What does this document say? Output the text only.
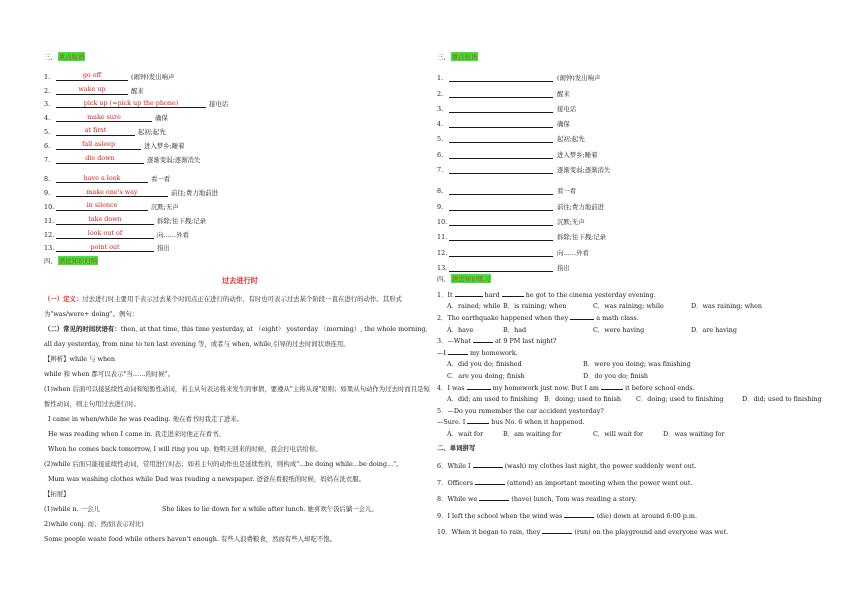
三、 重点短语
1.	go off	(闹钟)发出响声
2.	wake up	醒来
3.	pick up (=pick up the phone)	接电话
4.	make sure	确保
5.	at first	起初;起先
6.	fall asleep	进入梦乡;睡着
7.	die down	逐渐变弱;逐渐消失
8.	have a look	看一看
9.	make one's way	前往;费力地前进
10.	in silence	沉默;无声
11.	take down	拆除;往下拽;记录
12.	look out of	向……外看
13.	point out	指出
四、 语法知识归纳
过去进行时
（一）定义：过去进行时主要用于表示过去某个时间点正在进行的动作，有时也可表示过去某个阶段一直在进行的动作。其形式为"was/were+ doing"。例句：
（二）常见的时间状语有：then, at that time, this time yesterday, at （eight） yesterday （morning）, the whole morning, all day yesterday, from nine to ten last evening 等，或者与 when, while,引导的过去时间状语连用。
【辨析】while 与 when
while 和 when 都可以表示"当……的时候"。
(1)when 后面可以接延续性动词和短暂性动词，若主从句表达将来发生的事情，要遵从"主将从现"原则；如果从句动作为过去时而且是短暂性动词，则主句用过去进行时。
I came in when/while he was reading. 他在看书时我走了进来。
He was reading when I came in. 我走进来时他正在看书。
When he comes back tomorrow, I will ring you up. 他明天回来的时候，我会打电话给你。
(2)while 后面只能接延续性动词，常用进行时态；如若主句的动作也是延续性的，则构成"...be doing while...be doing..."。
Mum was washing clothes while Dad was reading a newspaper. 爸爸在看报纸的时候，妈妈在洗衣服。
【拓展】
(1)while n. 一会儿	She likes to lie down for a while after lunch. 她喜欢午饭后躺一会儿。
2)while conj. 而；然而(表示对比)
Some people waste food while others haven't enough. 有些人浪费粮食，然而有些人却吃不饱。
三、 重点短语
1.	(闹钟)发出响声
2.	醒来
3.	接电话
4.	确保
5.	起初;起先
6.	进入梦乡;睡着
7.	逐渐变弱;逐渐消失
8.	看一看
9.	前往;费力地前进
10.	沉默;无声
11.	拆除;往下拽;记录
12.	向……外看
13.	指出
四、 语法知识练习
1．It	hard	he got to the cinema yesterday evening.
A．rained; while B．is raining; when	C．was raining; while	D．was raining; when
2．The earthquake happened when they	a math class.
A．have	B．had	C．were having	D．are having
3．—What	at 9 PM last night?
—I	my homework.
A．did you do; finished	B．were you doing; was finishing
C．are you doing; finish	D．do you do; finish
4．I was	my homework just now. But I am	it before school ends.
A．did; am used to finishing B．doing; used to finish	C．doing; used to finishing	D．did; used to finishing
5．—Do you remember the car accident yesterday?
—Sure. I	bus No. 6 when it happened.
A．wait for	B．am waiting for	C．will wait for	D．was waiting for
二、单词拼写
6．While I	(wash) my clothes last night, the power suddenly went out.
7．Officers	(attend) an important meeting when the power went out.
8．While we	(have) lunch, Tom was reading a story.
9．I left the school when the wind was	(die) down at around 6:00 p.m.
10．When it began to rain, they	(run) on the playground and everyone was wet.
